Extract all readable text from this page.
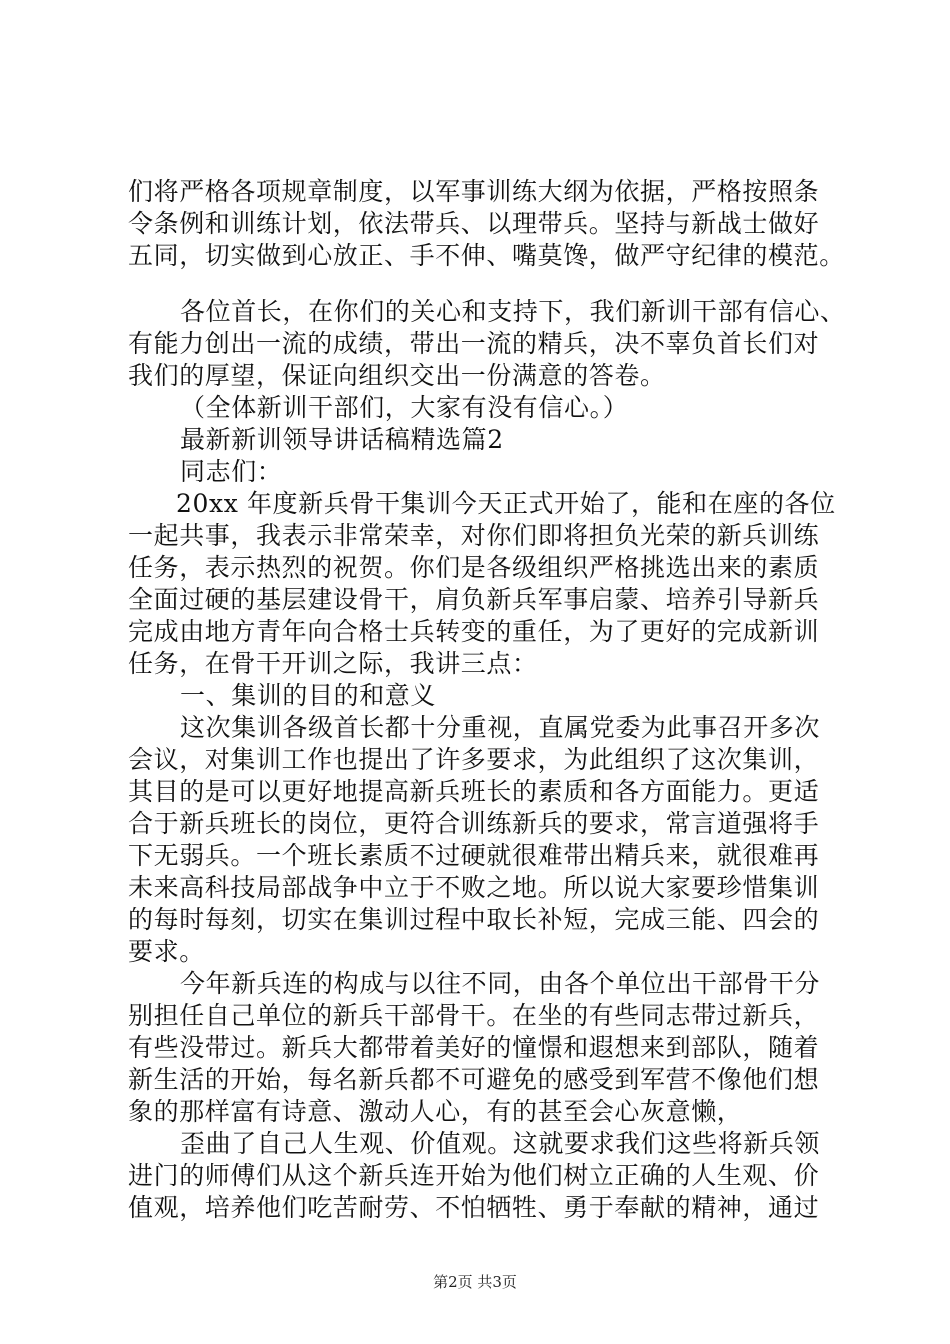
们将严格各项规章制度，以军事训练大纲为依据，严格按照条
令条例和训练计划，依法带兵、以理带兵。坚持与新战士做好
五同，切实做到心放正、手不伸、嘴莫馋，做严守纪律的模范。
各位首长，在你们的关心和支持下，我们新训干部有信心、
有能力创出一流的成绩，带出一流的精兵，决不辜负首长们对
我们的厚望，保证向组织交出一份满意的答卷。
（全体新训干部们，大家有没有信心。）
最新新训领导讲话稿精选篇2
同志们：
20xx 年度新兵骨干集训今天正式开始了，能和在座的各位
一起共事，我表示非常荣幸，对你们即将担负光荣的新兵训练
任务，表示热烈的祝贺。你们是各级组织严格挑选出来的素质
全面过硬的基层建设骨干，肩负新兵军事启蒙、培养引导新兵
完成由地方青年向合格士兵转变的重任，为了更好的完成新训
任务，在骨干开训之际，我讲三点：
一、集训的目的和意义
这次集训各级首长都十分重视，直属党委为此事召开多次
会议，对集训工作也提出了许多要求，为此组织了这次集训，
其目的是可以更好地提高新兵班长的素质和各方面能力。更适
合于新兵班长的岗位，更符合训练新兵的要求，常言道强将手
下无弱兵。一个班长素质不过硬就很难带出精兵来，就很难再
未来高科技局部战争中立于不败之地。所以说大家要珍惜集训
的每时每刻，切实在集训过程中取长补短，完成三能、四会的
要求。
今年新兵连的构成与以往不同，由各个单位出干部骨干分
别担任自己单位的新兵干部骨干。在坐的有些同志带过新兵，
有些没带过。新兵大都带着美好的憧憬和遐想来到部队，随着
新生活的开始，每名新兵都不可避免的感受到军营不像他们想
象的那样富有诗意、激动人心，有的甚至会心灰意懒，
歪曲了自己人生观、价值观。这就要求我们这些将新兵领
进门的师傅们从这个新兵连开始为他们树立正确的人生观、价
值观，培养他们吃苦耐劳、不怕牺牲、勇于奉献的精神，通过
第2页 共3页
